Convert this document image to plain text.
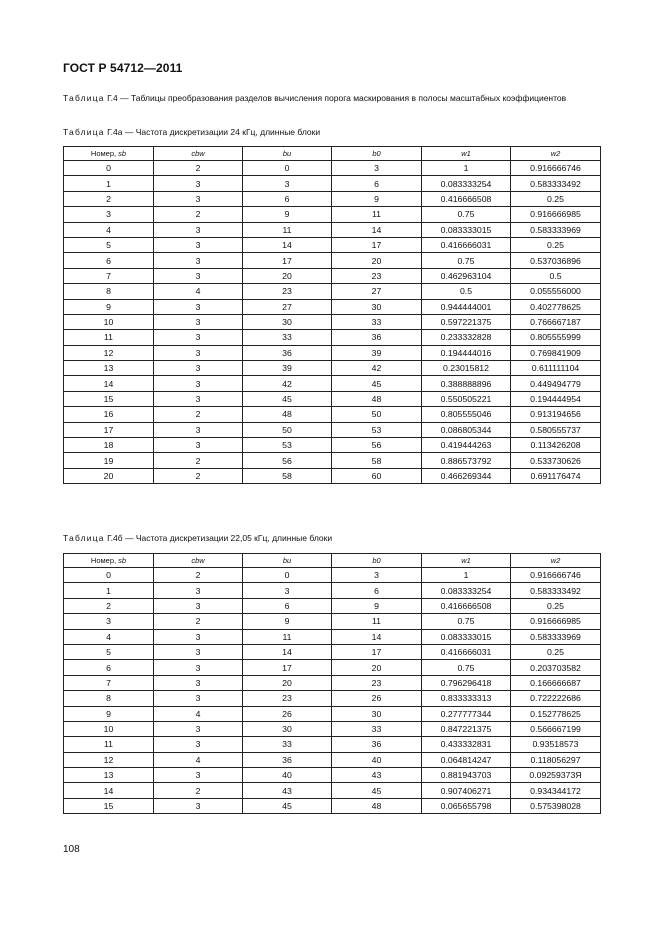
ГОСТ Р 54712—2011
Таблица Г.4 — Таблицы преобразования разделов вычисления порога маскирования в полосы масштабных коэффициентов
Таблица Г.4а — Частота дискретизации 24 кГц, длинные блоки
Номер, sb	cbw	bu	b0	w1	w2
0	2	0	3	1	0.916666746
1	3	3	6	0.083333254	0.583333492
2	3	6	9	0.416666508	0.25
3	2	9	11	0.75	0.916666985
4	3	11	14	0.083333015	0.583333969
5	3	14	17	0.416666031	0.25
6	3	17	20	0.75	0.537036896
7	3	20	23	0.462963104	0.5
8	4	23	27	0.5	0.055556000
9	3	27	30	0.944444001	0.402778625
10	3	30	33	0.597221375	0.766667187
11	3	33	36	0.233332828	0.805555999
12	3	36	39	0.194444016	0.769841909
13	3	39	42	0.23015812	0.611111104
14	3	42	45	0.388888896	0.449494779
15	3	45	48	0.550505221	0.194444954
16	2	48	50	0.805555046	0.913194656
17	3	50	53	0.086805344	0.580555737
18	3	53	56	0.419444263	0.113426208
19	2	56	58	0.886573792	0.533730626
20	2	58	60	0.466269344	0.691176474
Таблица Г.4б — Частота дискретизации 22,05 кГц, длинные блоки
Номер, sb	cbw	bu	b0	w1	w2
0	2	0	3	1	0.916666746
1	3	3	6	0.083333254	0.583333492
2	3	6	9	0.416666508	0.25
3	2	9	11	0.75	0.916666985
4	3	11	14	0.083333015	0.583333969
5	3	14	17	0.416666031	0.25
6	3	17	20	0.75	0.203703582
7	3	20	23	0.796296418	0.166666687
8	3	23	26	0.833333313	0.722222686
9	4	26	30	0.277777344	0.152778625
10	3	30	33	0.847221375	0.566667199
11	3	33	36	0.433332831	0.93518573
12	4	36	40	0.064814247	0.118056297
13	3	40	43	0.881943703	0.09259373Я
14	2	43	45	0.907406271	0.934344172
15	3	45	48	0.065655798	0.575398028
108
